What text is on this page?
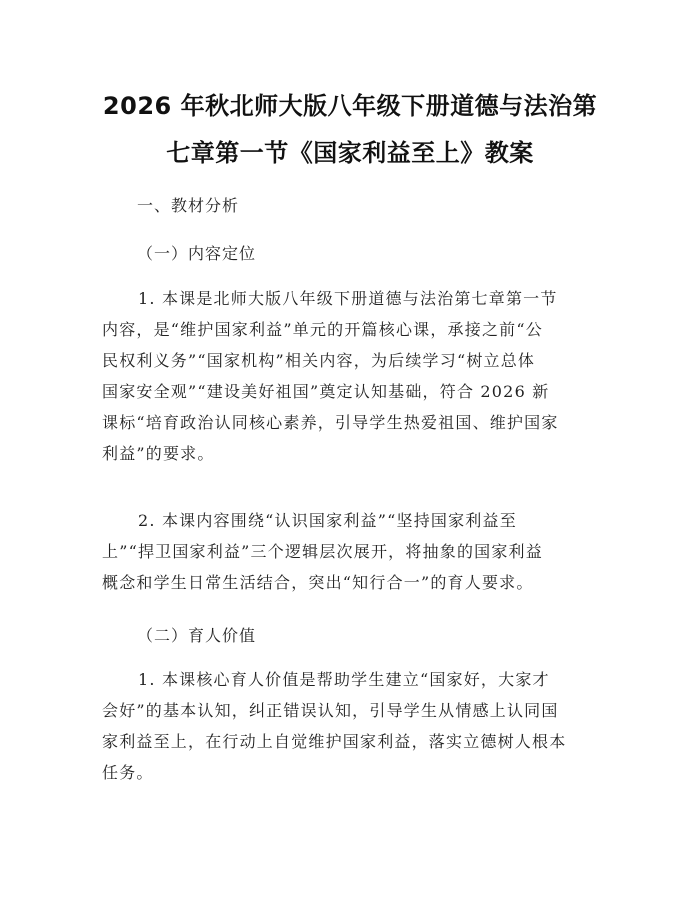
2026 年秋北师大版八年级下册道德与法治第
七章第一节《国家利益至上》教案
一、教材分析
（一）内容定位
1. 本课是北师大版八年级下册道德与法治第七章第一节
内容，是“维护国家利益”单元的开篇核心课，承接之前“公
民权利义务”“国家机构”相关内容，为后续学习“树立总体
国家安全观”“建设美好祖国”奠定认知基础，符合 2026 新
课标“培育政治认同核心素养，引导学生热爱祖国、维护国家
利益”的要求。
2. 本课内容围绕“认识国家利益”“坚持国家利益至
上”“捍卫国家利益”三个逻辑层次展开，将抽象的国家利益
概念和学生日常生活结合，突出“知行合一”的育人要求。
（二）育人价值
1. 本课核心育人价值是帮助学生建立“国家好，大家才
会好”的基本认知，纠正错误认知，引导学生从情感上认同国
家利益至上，在行动上自觉维护国家利益，落实立德树人根本
任务。
